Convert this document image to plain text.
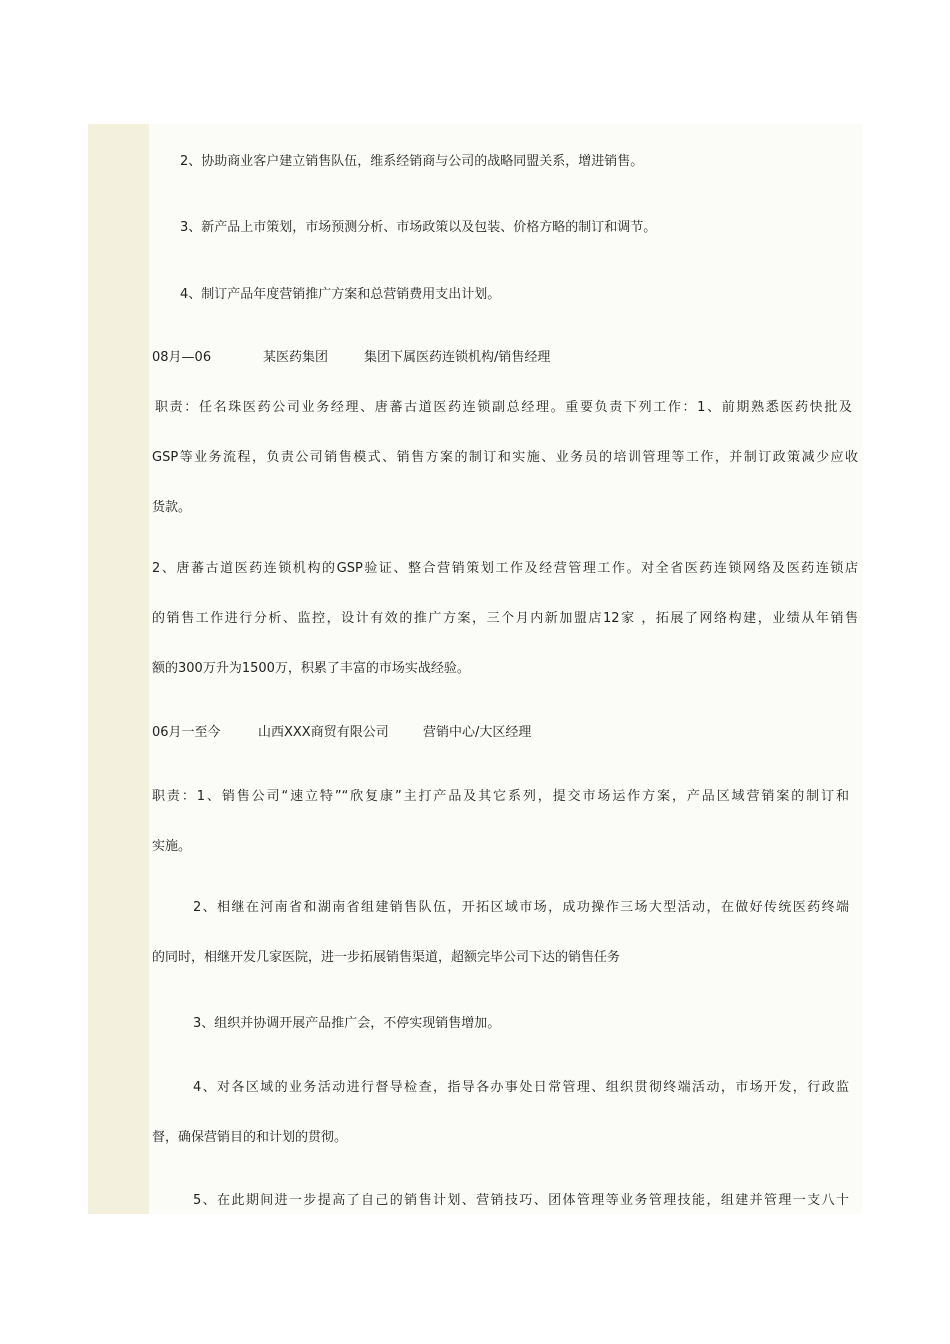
2、协助商业客户建立销售队伍，维系经销商与公司的战略同盟关系，增进销售。
3、新产品上市策划，市场预测分析、市场政策以及包装、价格方略的制订和调节。
4、制订产品年度营销推广方案和总营销费用支出计划。
08月—06	某医药集团	集团下属医药连锁机构/销售经理
职责：任名珠医药公司业务经理、唐蕃古道医药连锁副总经理。重要负责下列工作：1、前期熟悉医药快批及
GSP等业务流程，负责公司销售模式、销售方案的制订和实施、业务员的培训管理等工作，并制订政策减少应收
货款。
2、唐蕃古道医药连锁机构的GSP验证、整合营销策划工作及经营管理工作。对全省医药连锁网络及医药连锁店
的销售工作进行分析、监控，设计有效的推广方案，三个月内新加盟店12家 ，拓展了网络构建，业绩从年销售
额的300万升为1500万，积累了丰富的市场实战经验。
06月一至今	山西XXX商贸有限公司	营销中心/大区经理
职责：1、销售公司“速立特”“欣复康”主打产品及其它系列，提交市场运作方案，产品区域营销案的制订和
实施。
2、相继在河南省和湖南省组建销售队伍，开拓区域市场，成功操作三场大型活动，在做好传统医药终端
的同时，相继开发几家医院，进一步拓展销售渠道，超额完毕公司下达的销售任务
3、组织并协调开展产品推广会，不停实现销售增加。
4、对各区域的业务活动进行督导检查，指导各办事处日常管理、组织贯彻终端活动，市场开发，行政监
督，确保营销目的和计划的贯彻。
5、在此期间进一步提高了自己的销售计划、营销技巧、团体管理等业务管理技能，组建并管理一支八十
